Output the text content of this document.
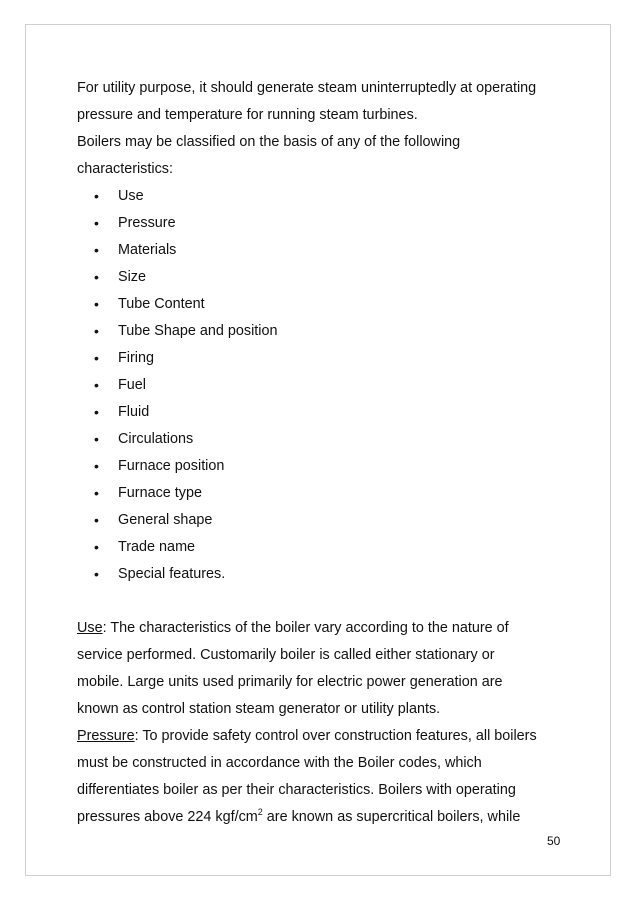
For utility purpose, it should generate steam uninterruptedly at operating
pressure and temperature for running steam turbines.
Boilers may be classified on the basis of any of the following
characteristics:
• Use
• Pressure
• Materials
• Size
• Tube Content
• Tube Shape and position
• Firing
• Fuel
• Fluid
• Circulations
• Furnace position
• Furnace type
• General shape
• Trade name
• Special features.
Use: The characteristics of the boiler vary according to the nature of
service performed. Customarily boiler is called either stationary or
mobile. Large units used primarily for electric power generation are
known as control station steam generator or utility plants.
Pressure: To provide safety control over construction features, all boilers
must be constructed in accordance with the Boiler codes, which
differentiates boiler as per their characteristics. Boilers with operating
pressures above 224 kgf/$cm^2$ are known as supercritical boilers, while
50
